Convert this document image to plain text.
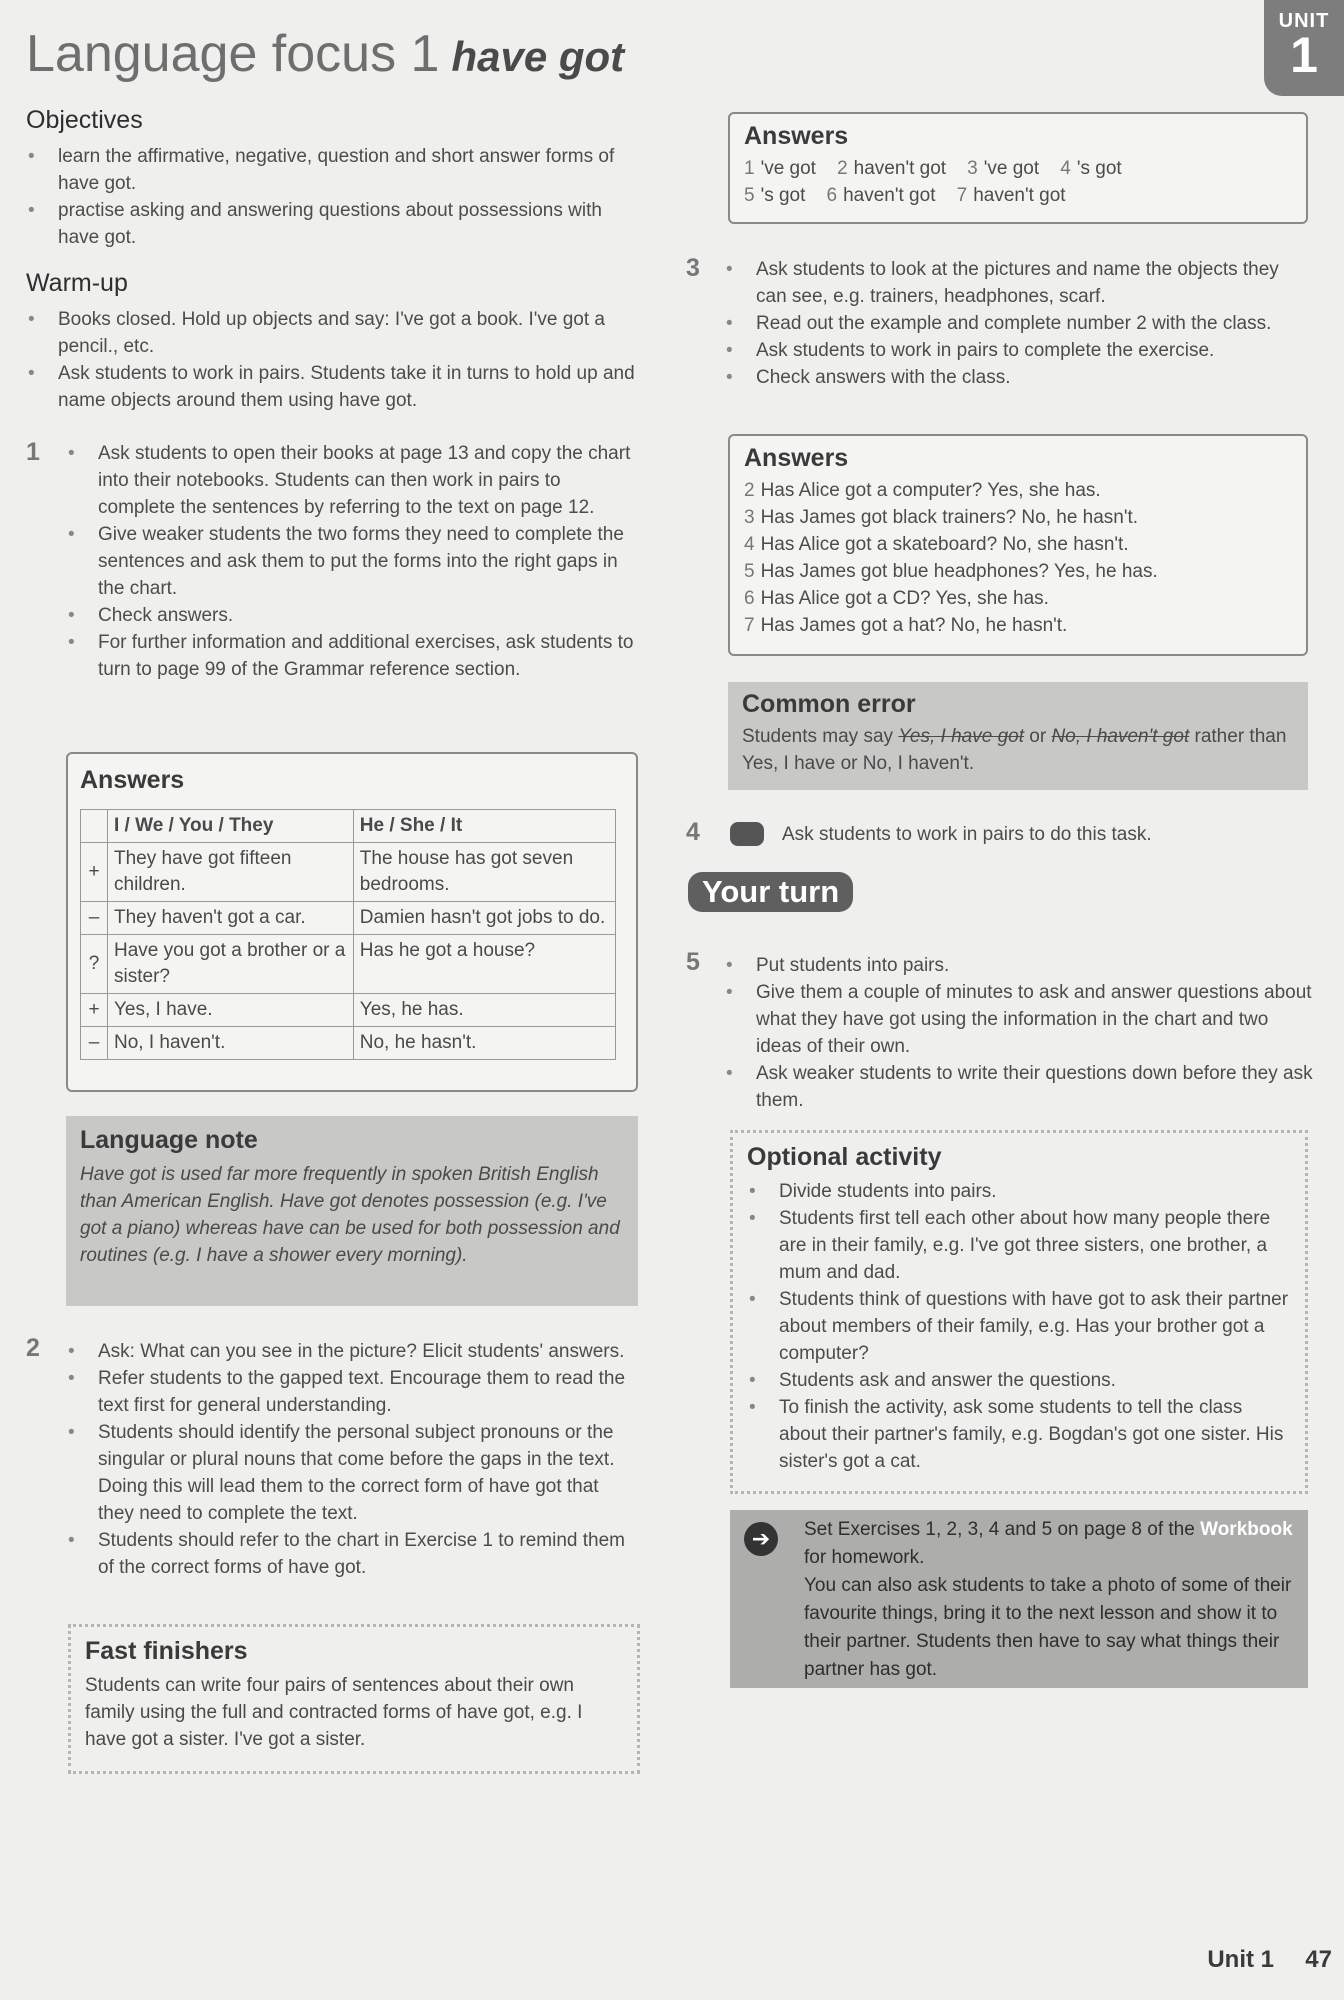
Language focus 1 have got
UNIT
1
Objectives
• learn the affirmative, negative, question and short answer forms of have got.
• practise asking and answering questions about possessions with have got.
Warm-up
• Books closed. Hold up objects and say: I've got a book. I've got a pencil., etc.
• Ask students to work in pairs. Students take it in turns to hold up and name objects around them using have got.
1	• Ask students to open their books at page 13 and copy the chart into their notebooks. Students can then work in pairs to complete the sentences by referring to the text on page 12.
• Give weaker students the two forms they need to complete the sentences and ask them to put the forms into the right gaps in the chart.
• Check answers.
• For further information and additional exercises, ask students to turn to page 99 of the Grammar reference section.
Answers
	I / We / You / They	He / She / It
+	They have got fifteen children.	The house has got seven bedrooms.
–	They haven't got a car.	Damien hasn't got jobs to do.
?	Have you got a brother or a sister?	Has he got a house?
+	Yes, I have.	Yes, he has.
–	No, I haven't.	No, he hasn't.
Language note

Have got is used far more frequently in spoken British English than American English. Have got denotes possession (e.g. I've got a piano) whereas have can be used for both possession and routines (e.g. I have a shower every morning).

2	• Ask: What can you see in the picture? Elicit students' answers.
• Refer students to the gapped text. Encourage them to read the text first for general understanding.
• Students should identify the personal subject pronouns or the singular or plural nouns that come before the gaps in the text. Doing this will lead them to the correct form of have got that they need to complete the text.
• Students should refer to the chart in Exercise 1 to remind them of the correct forms of have got.
Fast finishers

Students can write four pairs of sentences about their own family using the full and contracted forms of have got, e.g. I have got a sister. I've got a sister.

Answers
1 've got 2 haven't got 3 've got 4 's got
5 's got 6 haven't got 7 haven't got
3	• Ask students to look at the pictures and name the objects they can see, e.g. trainers, headphones, scarf.
• Read out the example and complete number 2 with the class.
• Ask students to work in pairs to complete the exercise.
• Check answers with the class.
Answers
2 Has Alice got a computer? Yes, she has.
3 Has James got black trainers? No, he hasn't.
4 Has Alice got a skateboard? No, she hasn't.
5 Has James got blue headphones? Yes, he has.
6 Has Alice got a CD? Yes, she has.
7 Has James got a hat? No, he hasn't.
Common error

Students may say Yes, I have got or No, I haven't got rather than Yes, I have or No, I haven't.

4	Ask students to work in pairs to do this task.
Your turn
5	• Put students into pairs.
• Give them a couple of minutes to ask and answer questions about what they have got using the information in the chart and two ideas of their own.
• Ask weaker students to write their questions down before they ask them.
Optional activity
• Divide students into pairs.
• Students first tell each other about how many people there are in their family, e.g. I've got three sisters, one brother, a mum and dad.
• Students think of questions with have got to ask their partner about members of their family, e.g. Has your brother got a computer?
• Students ask and answer the questions.
• To finish the activity, ask some students to tell the class about their partner's family, e.g. Bogdan's got one sister. His sister's got a cat.
➔	Set Exercises 1, 2, 3, 4 and 5 on page 8 of the Workbook for homework.

You can also ask students to take a photo of some of their favourite things, bring it to the next lesson and show it to their partner. Students then have to say what things their partner has got.

Unit 1 47
